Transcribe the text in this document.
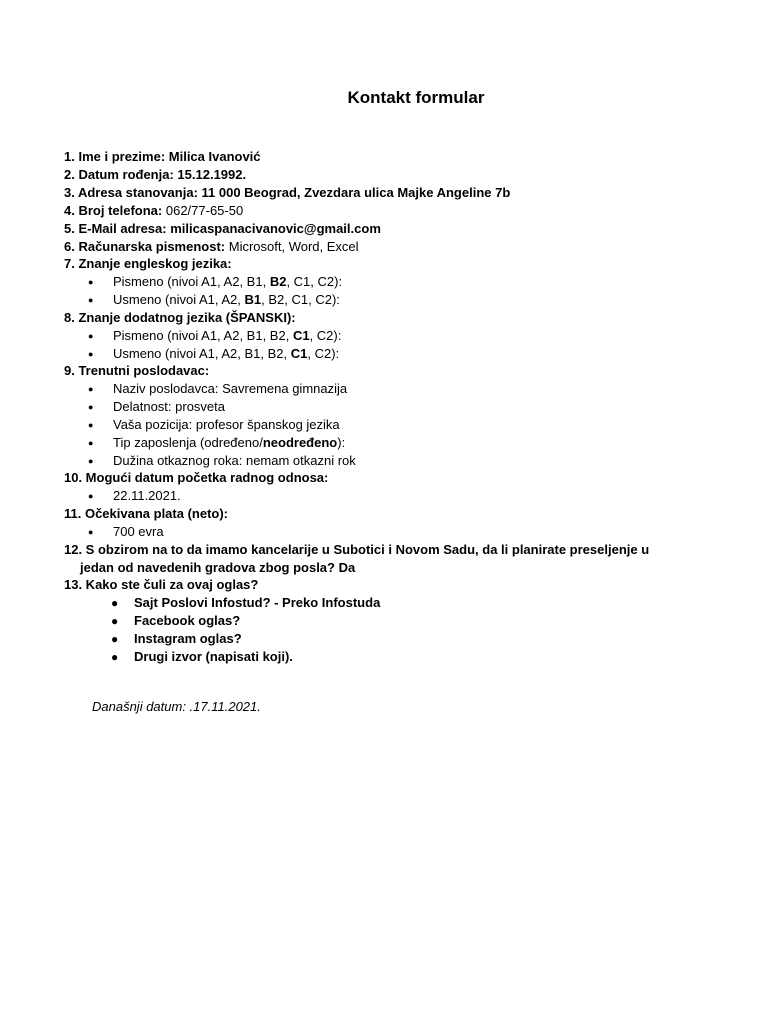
Kontakt formular
1. Ime i prezime: Milica Ivanović
2. Datum rođenja: 15.12.1992.
3. Adresa stanovanja: 11 000 Beograd, Zvezdara ulica Majke Angeline 7b
4. Broj telefona: 062/77-65-50
5. E-Mail adresa: milicaspanacivanovic@gmail.com
6. Računarska pismenost: Microsoft, Word, Excel
7. Znanje engleskog jezika:
● Pismeno (nivoi A1, A2, B1, B2, C1, C2):
● Usmeno (nivoi A1, A2, B1, B2, C1, C2):
8. Znanje dodatnog jezika (ŠPANSKI):
● Pismeno (nivoi A1, A2, B1, B2, C1, C2):
● Usmeno (nivoi A1, A2, B1, B2, C1, C2):
9. Trenutni poslodavac:
● Naziv poslodavca: Savremena gimnazija
● Delatnost: prosveta
● Vaša pozicija: profesor španskog jezika
● Tip zaposlenja (određeno/neodređeno):
● Dužina otkaznog roka: nemam otkazni rok
10. Mogući datum početka radnog odnosa:
● 22.11.2021.
11. Očekivana plata (neto):
● 700 evra
12. S obzirom na to da imamo kancelarije u Subotici i Novom Sadu, da li planirate preseljenje u
jedan od navedenih gradova zbog posla? Da
13. Kako ste čuli za ovaj oglas?
● Sajt Poslovi Infostud? - Preko Infostuda
● Facebook oglas?
● Instagram oglas?
● Drugi izvor (napisati koji).
Današnji datum: .17.11.2021.
